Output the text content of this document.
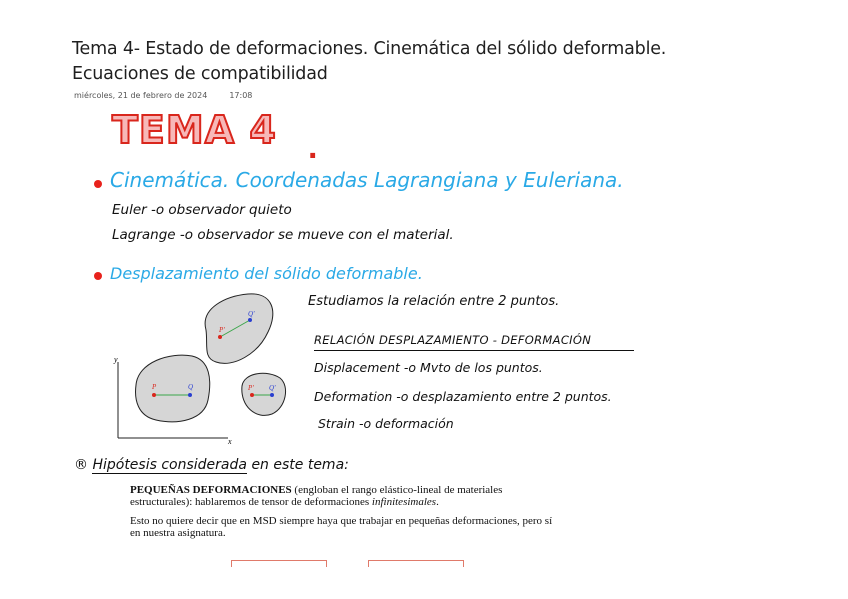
Tema 4- Estado de deformaciones. Cinemática del sólido deformable.
Ecuaciones de compatibilidad
miércoles, 21 de febrero de 2024	17:08
TEMA 4 .
Cinemática. Coordenadas Lagrangiana y Euleriana.
Euler -o observador quieto
Lagrange -o observador se mueve con el material.
Desplazamiento del sólido deformable.
y
x
P	Q	P' Q'
P'
Q'
Estudiamos la relación entre 2 puntos.
RELACIÓN DESPLAZAMIENTO - DEFORMACIÓN
Displacement -o Mvto de los puntos.
Deformation -o desplazamiento entre 2 puntos.
Strain -o deformación
® Hipótesis considerada en este tema:
PEQUEÑAS DEFORMACIONES (engloban el rango elástico-lineal de materiales
estructurales): hablaremos de tensor de deformaciones infinitesimales.
Esto no quiere decir que en MSD siempre haya que trabajar en pequeñas deformaciones, pero sí
en nuestra asignatura.
